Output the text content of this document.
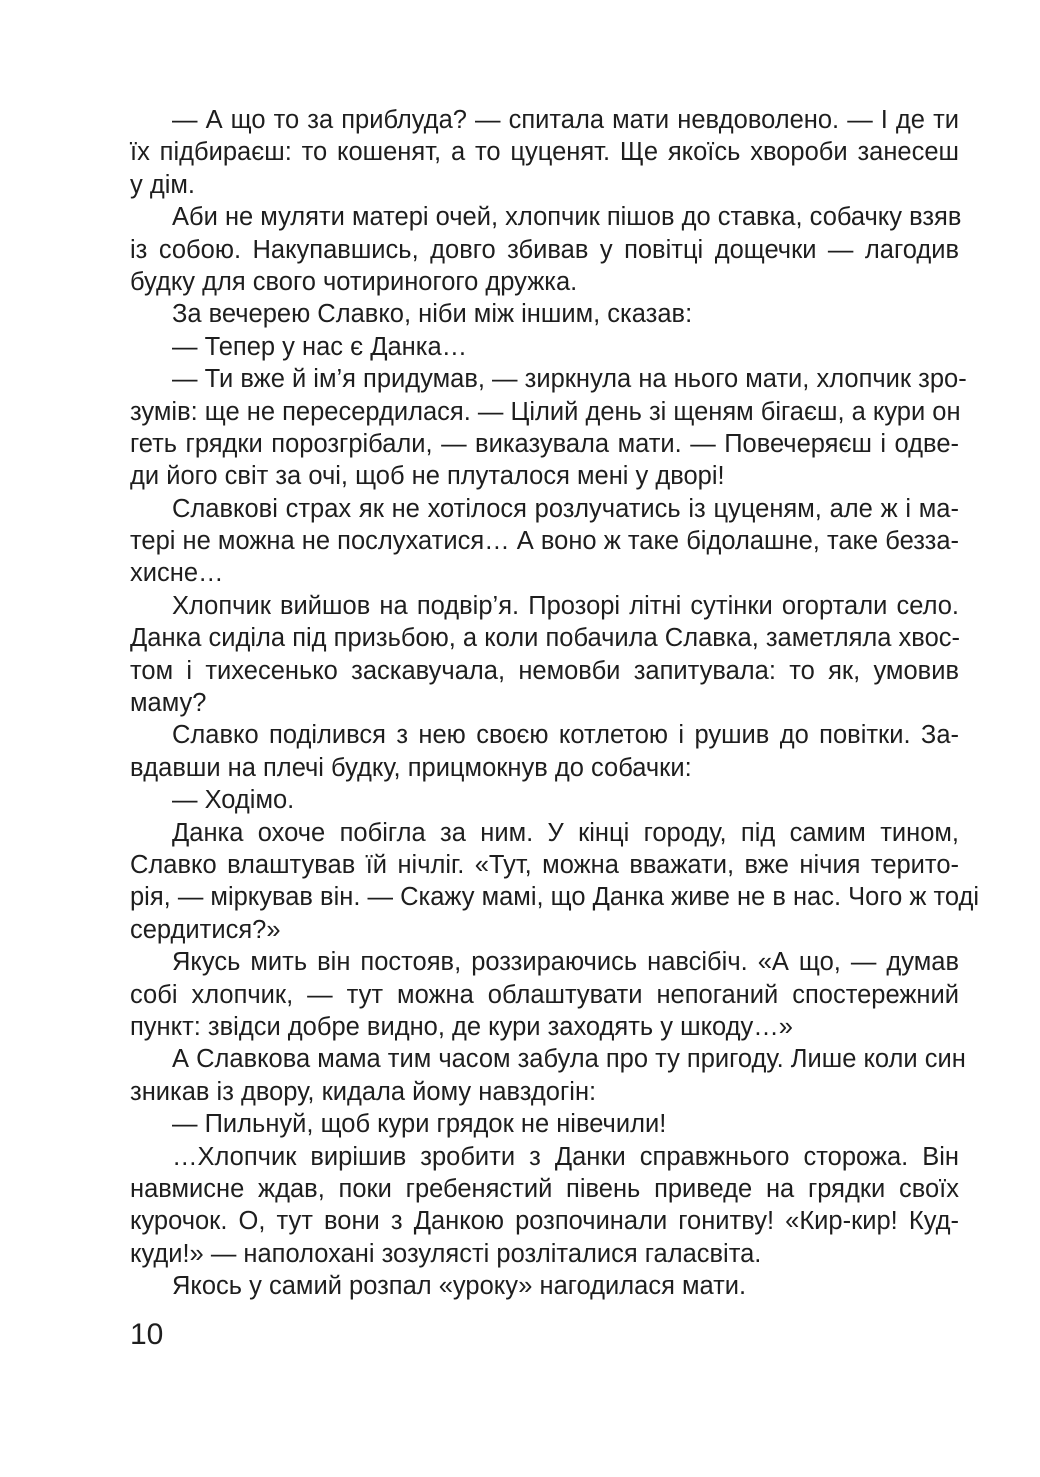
— А що то за приблуда? — спитала мати невдоволено. — І де ти
їх підбираєш: то кошенят, а то цуценят. Ще якоїсь хвороби занесеш
у дім.
Аби не муляти матері очей, хлопчик пішов до ставка, собачку взяв
із собою. Накупавшись, довго збивав у повітці дощечки — лагодив
будку для свого чотириногого дружка.
За вечерею Славко, ніби між іншим, сказав:
— Тепер у нас є Данка…
— Ти вже й ім’я придумав, — зиркнула на нього мати, хлопчик зро-
зумів: ще не пересердилася. — Цілий день зі щеням бігаєш, а кури он
геть грядки порозгрібали, — виказувала мати. — Повечеряєш і одве-
ди його світ за очі, щоб не плуталося мені у дворі!
Славкові страх як не хотілося розлучатись із цуценям, але ж і ма-
тері не можна не послухатися… А воно ж таке бідолашне, таке безза-
хисне…
Хлопчик вийшов на подвір’я. Прозорі літні сутінки огортали село.
Данка сиділа під призьбою, а коли побачила Славка, заметляла хвос-
том і тихесенько заскавучала, немовби запитувала: то як, умовив
маму?
Славко поділився з нею своєю котлетою і рушив до повітки. За-
вдавши на плечі будку, прицмокнув до собачки:
— Ходімо.
Данка охоче побігла за ним. У кінці городу, під самим тином,
Славко влаштував їй нічліг. «Тут, можна вважати, вже нічия терито-
рія, — міркував він. — Скажу мамі, що Данка живе не в нас. Чого ж тоді
сердитися?»
Якусь мить він постояв, роззираючись навсібіч. «А що, — думав
собі хлопчик, — тут можна облаштувати непоганий спостережний
пункт: звідси добре видно, де кури заходять у шкоду…»
А Славкова мама тим часом забула про ту пригоду. Лише коли син
зникав із двору, кидала йому навздогін:
— Пильнуй, щоб кури грядок не нівечили!
…Хлопчик вирішив зробити з Данки справжнього сторожа. Він
навмисне ждав, поки гребенястий півень приведе на грядки своїх
курочок. О, тут вони з Данкою розпочинали гонитву! «Кир-кир! Куд-
куди!» — наполохані зозулясті розліталися галасвіта.
Якось у самий розпал «уроку» нагодилася мати.
10
